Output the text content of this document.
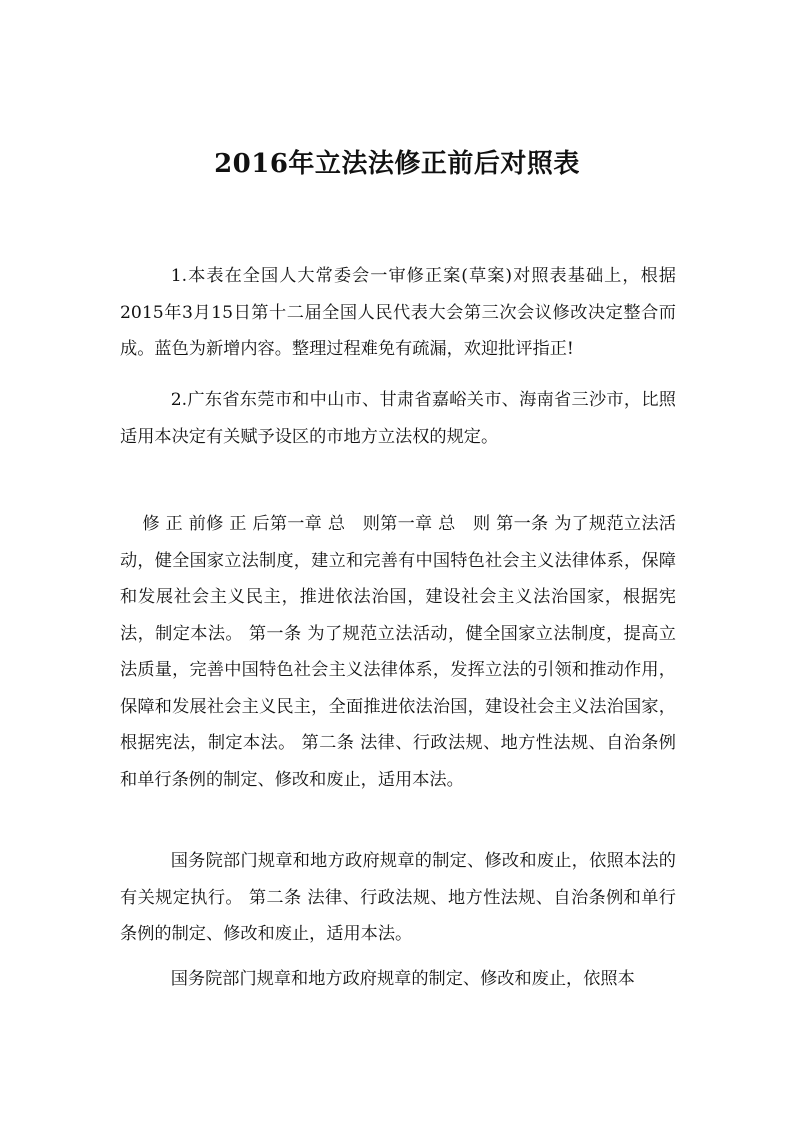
2016年立法法修正前后对照表

1.本表在全国人大常委会一审修正案(草案)对照表基础上，根据2015年3月15日第十二届全国人民代表大会第三次会议修改决定整合而成。蓝色为新增内容。整理过程难免有疏漏，欢迎批评指正!

2.广东省东莞市和中山市、甘肃省嘉峪关市、海南省三沙市，比照适用本决定有关赋予设区的市地方立法权的规定。

修 正 前修 正 后第一章 总　则第一章 总　则 第一条 为了规范立法活动，健全国家立法制度，建立和完善有中国特色社会主义法律体系，保障和发展社会主义民主，推进依法治国，建设社会主义法治国家，根据宪法，制定本法。 第一条 为了规范立法活动，健全国家立法制度，提高立法质量，完善中国特色社会主义法律体系，发挥立法的引领和推动作用，保障和发展社会主义民主，全面推进依法治国，建设社会主义法治国家，根据宪法，制定本法。 第二条 法律、行政法规、地方性法规、自治条例和单行条例的制定、修改和废止，适用本法。

国务院部门规章和地方政府规章的制定、修改和废止，依照本法的有关规定执行。 第二条 法律、行政法规、地方性法规、自治条例和单行条例的制定、修改和废止，适用本法。

国务院部门规章和地方政府规章的制定、修改和废止，依照本
